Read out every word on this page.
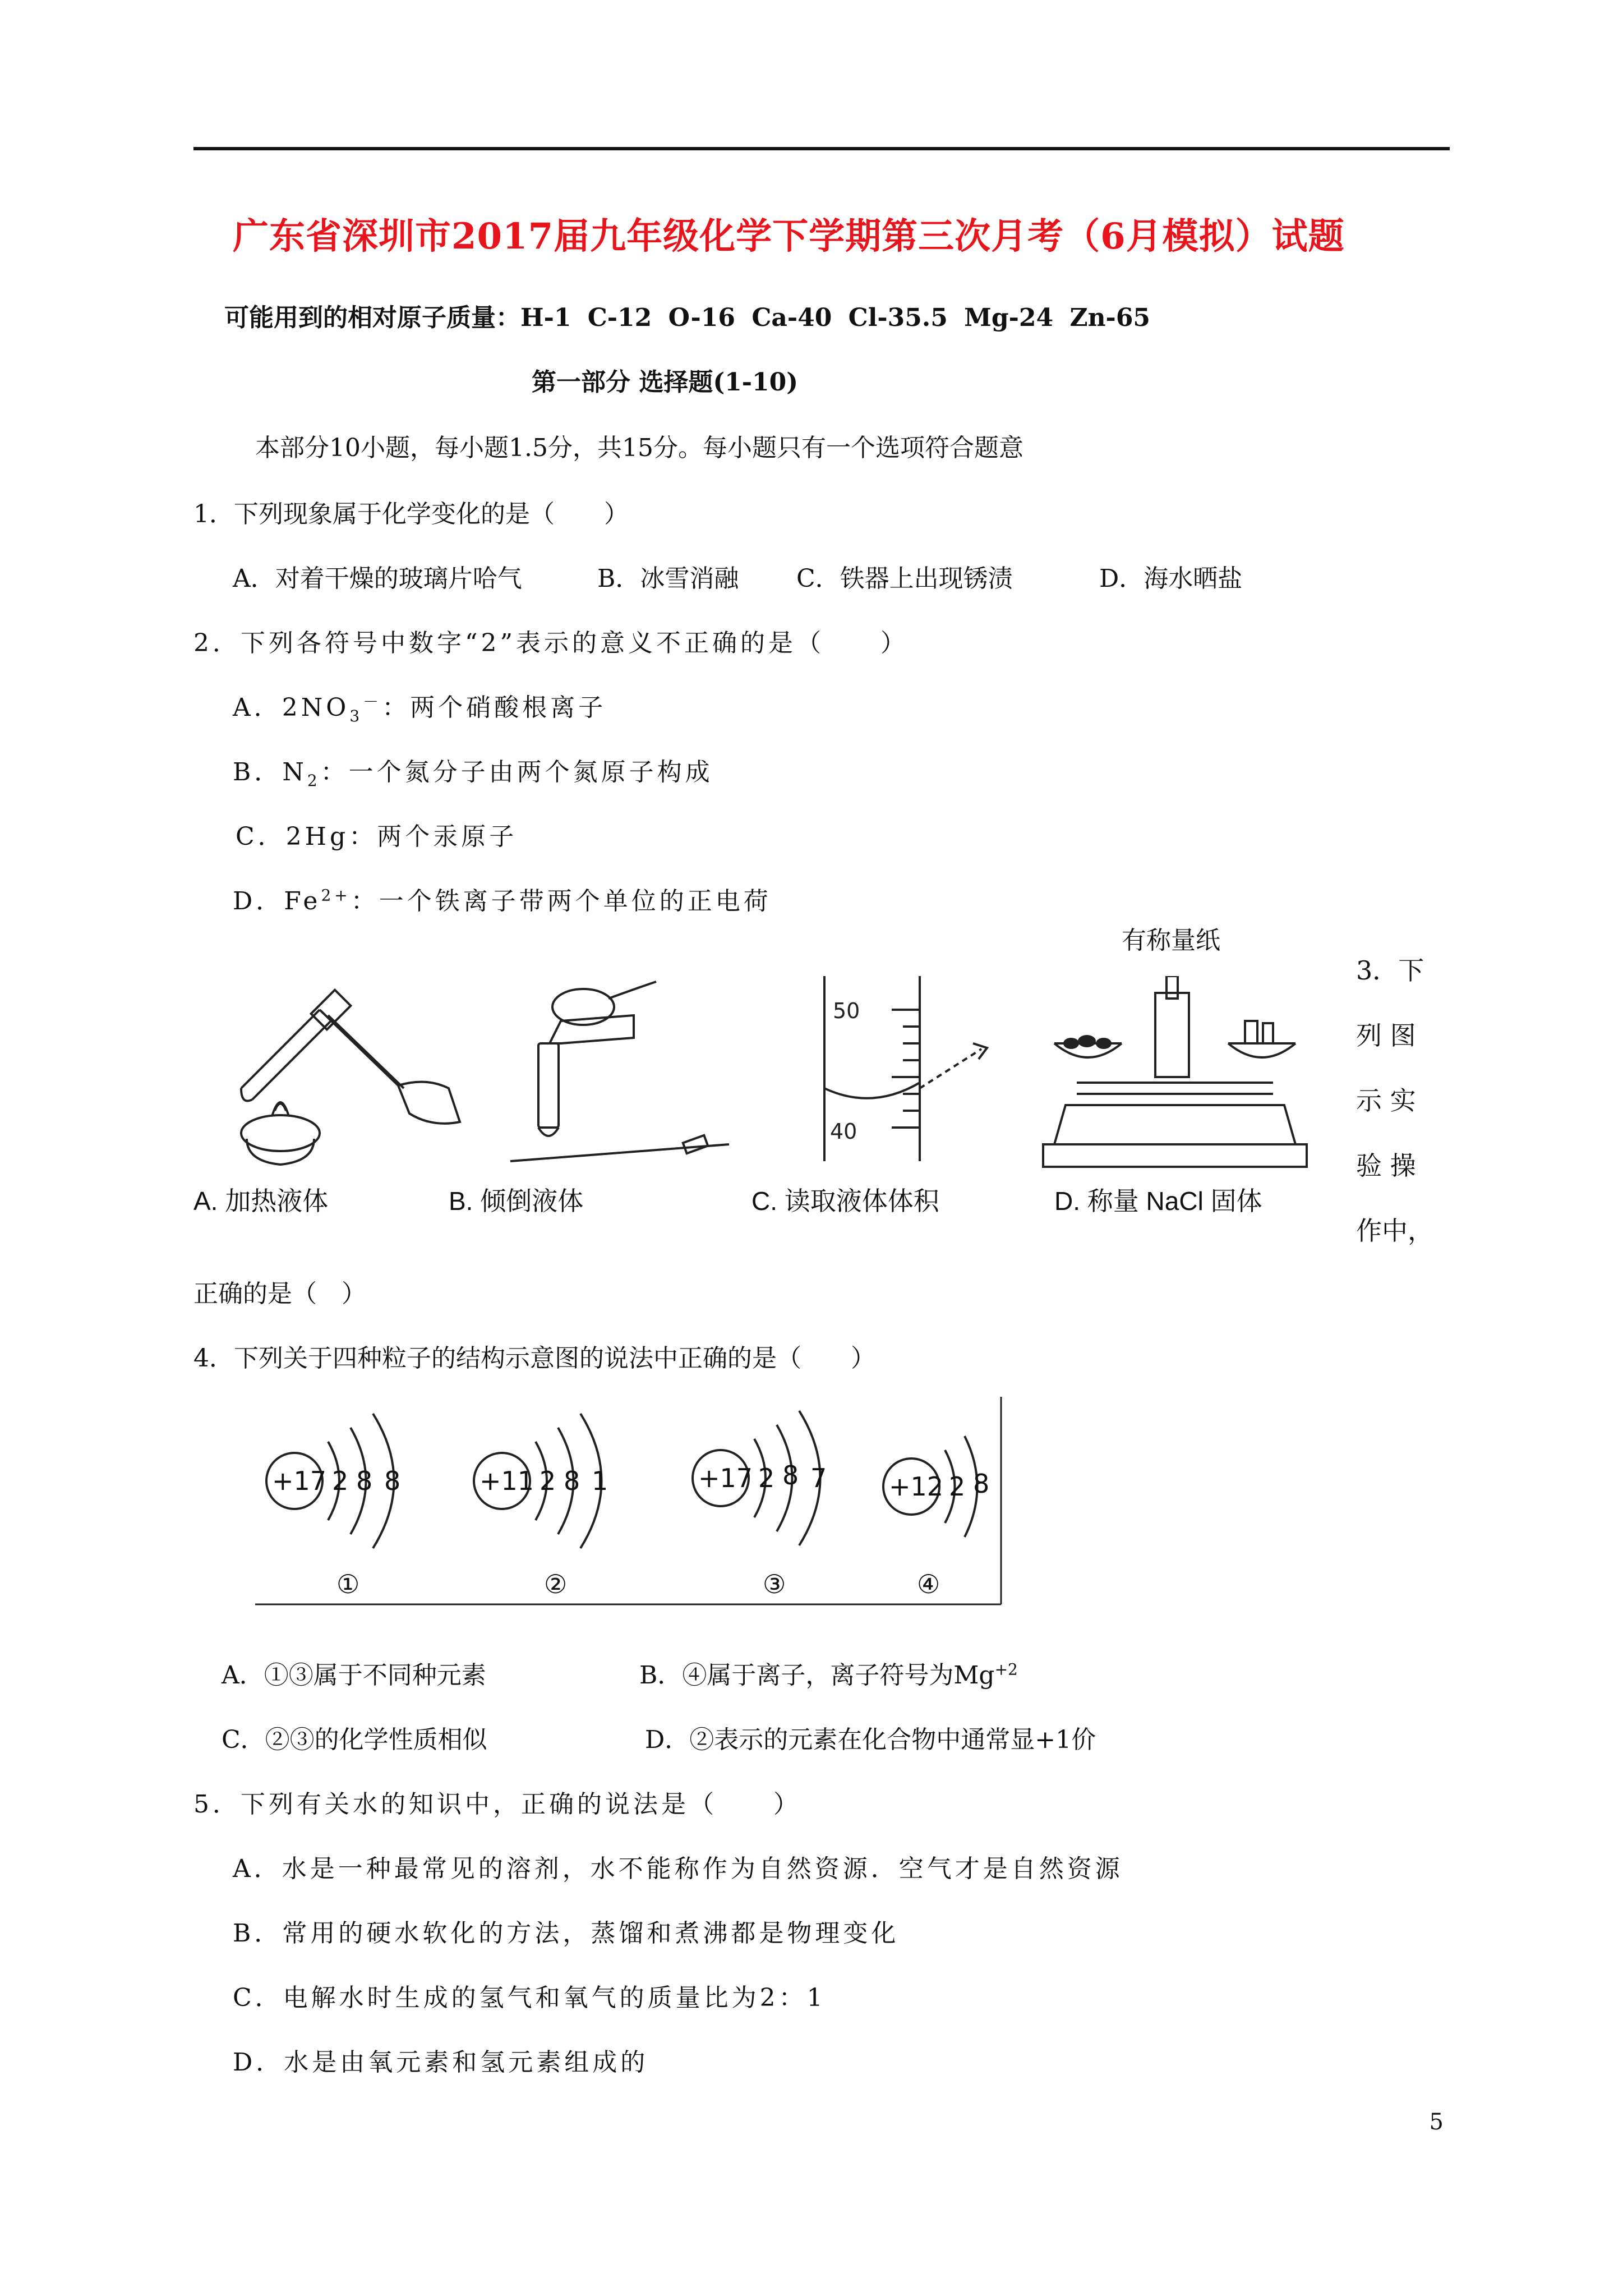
广东省深圳市2017届九年级化学下学期第三次月考（6月模拟）试题
可能用到的相对原子质量：H-1 C-12 O-16 Ca-40 Cl-35.5 Mg-24 Zn-65
第一部分 选择题(1-10)
本部分10小题，每小题1.5分，共15分。每小题只有一个选项符合题意
1．下列现象属于化学变化的是（　　）
A．对着干燥的玻璃片哈气	B．冰雪消融 C．铁器上出现锈渍	D．海水晒盐
2．下列各符号中数字“2”表示的意义不正确的是（　　）
A．$2NO_3^-$：两个硝酸根离子
B．$N_2$：一个氮分子由两个氮原子构成
C．2Hg：两个汞原子
D．$Fe^{2+}$：一个铁离子带两个单位的正电荷
有称量纸
3．下
列 图
示 实
验 操
作中，
50
40
A. 加热液体	B. 倾倒液体	C. 读取液体体积	D. 称量 NaCl 固体
正确的是（　）
4．下列关于四种粒子的结构示意图的说法中正确的是（　　）
+17 2 8 8
①
+11 2 8 1
②
+17 2 8 7
③
+12 2 8
④
A．①③属于不同种元素	B．④属于离子，离子符号为$Mg^{+2}$
C．②③的化学性质相似	D．②表示的元素在化合物中通常显+1价
5．下列有关水的知识中，正确的说法是（　　）
A．水是一种最常见的溶剂，水不能称作为自然资源．空气才是自然资源
B．常用的硬水软化的方法，蒸馏和煮沸都是物理变化
C．电解水时生成的氢气和氧气的质量比为2：1
D．水是由氧元素和氢元素组成的
5
